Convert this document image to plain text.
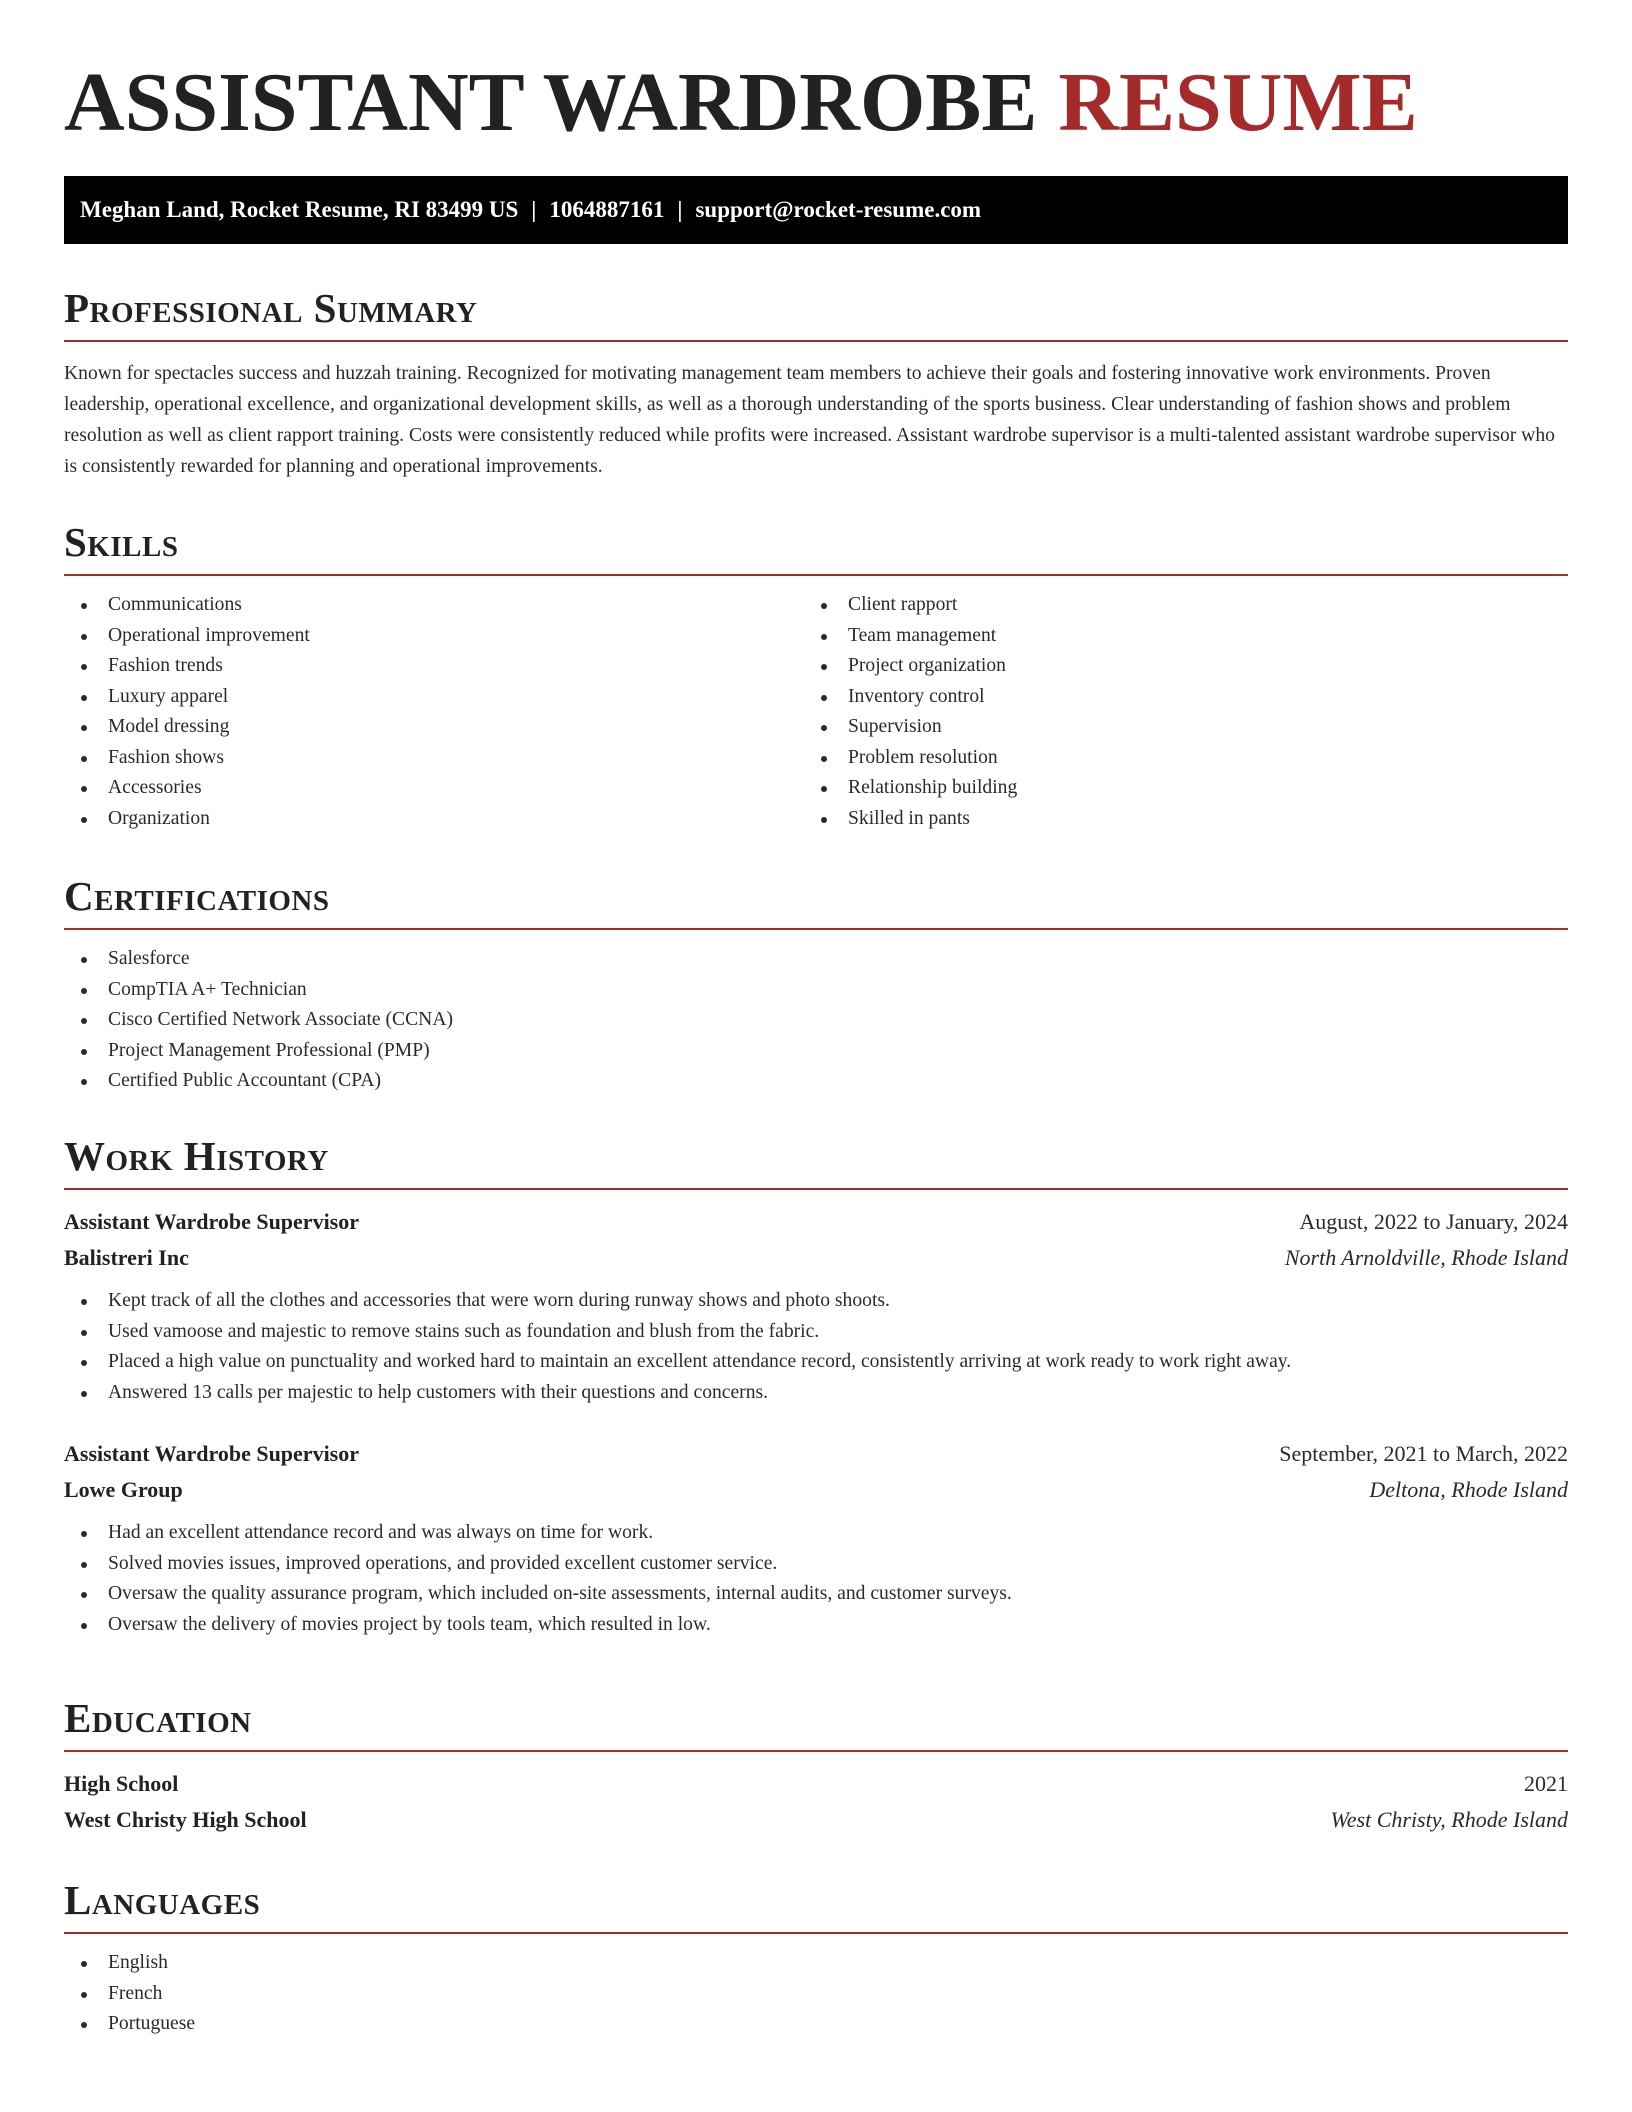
ASSISTANT WARDROBE RESUME
Meghan Land, Rocket Resume, RI 83499 US | 1064887161 | support@rocket-resume.com
Professional Summary

Known for spectacles success and huzzah training. Recognized for motivating management team members to achieve their goals and fostering innovative work environments. Proven leadership, operational excellence, and organizational development skills, as well as a thorough understanding of the sports business. Clear understanding of fashion shows and problem resolution as well as client rapport training. Costs were consistently reduced while profits were increased. Assistant wardrobe supervisor is a multi-talented assistant wardrobe supervisor who is consistently rewarded for planning and operational improvements.

Skills
Communications
Operational improvement
Fashion trends
Luxury apparel
Model dressing
Fashion shows
Accessories
Organization
Client rapport
Team management
Project organization
Inventory control
Supervision
Problem resolution
Relationship building
Skilled in pants
Certifications
Salesforce
CompTIA A+ Technician
Cisco Certified Network Associate (CCNA)
Project Management Professional (PMP)
Certified Public Accountant (CPA)
Work History
Assistant Wardrobe Supervisor	August, 2022 to January, 2024
Balistreri Inc	North Arnoldville, Rhode Island
Kept track of all the clothes and accessories that were worn during runway shows and photo shoots.
Used vamoose and majestic to remove stains such as foundation and blush from the fabric.
Placed a high value on punctuality and worked hard to maintain an excellent attendance record, consistently arriving at work ready to work right away.
Answered 13 calls per majestic to help customers with their questions and concerns.
Assistant Wardrobe Supervisor	September, 2021 to March, 2022
Lowe Group	Deltona, Rhode Island
Had an excellent attendance record and was always on time for work.
Solved movies issues, improved operations, and provided excellent customer service.
Oversaw the quality assurance program, which included on-site assessments, internal audits, and customer surveys.
Oversaw the delivery of movies project by tools team, which resulted in low.
Education
High School	2021
West Christy High School	West Christy, Rhode Island
Languages
English
French
Portuguese
